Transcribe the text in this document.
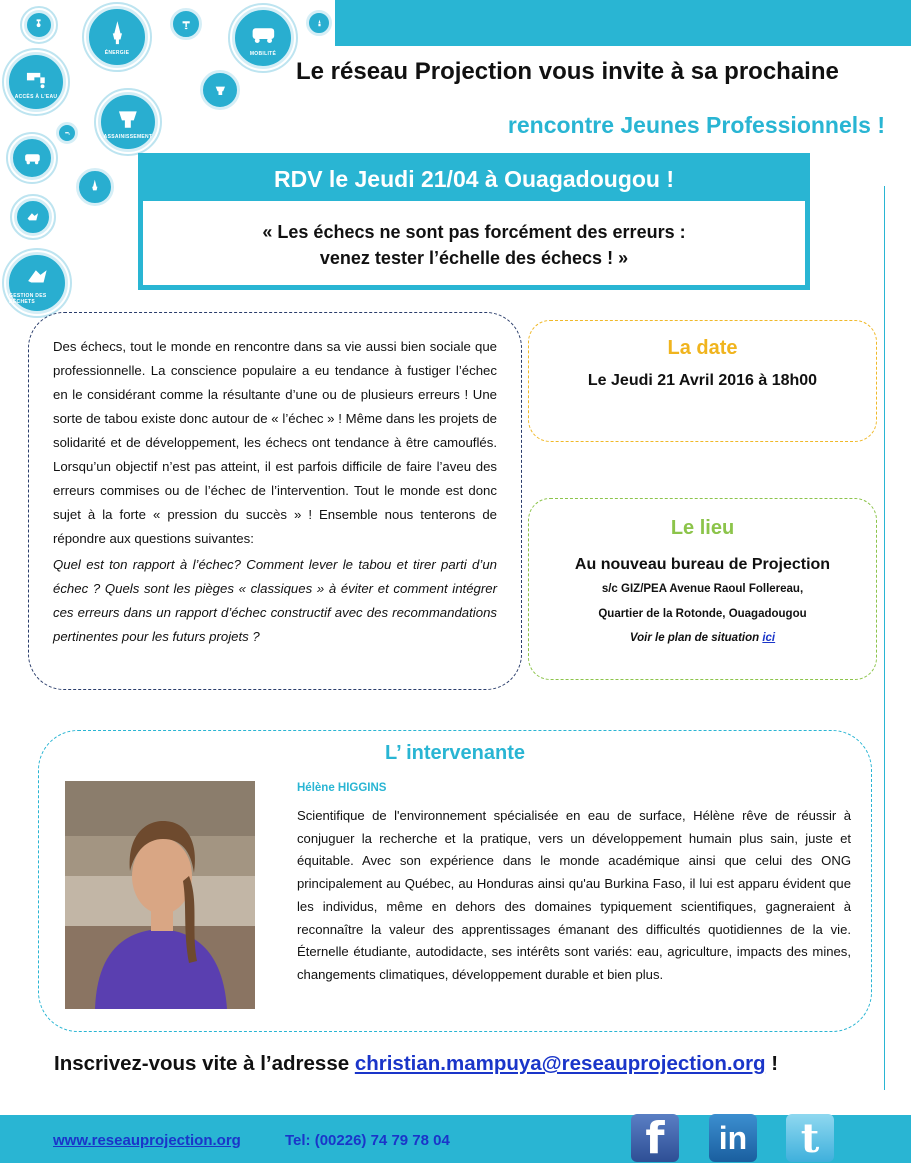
ÉNERGIE	MOBILITÉ
ACCÈS À L'EAU
ASSAINISSEMENT
GESTION DES DÉCHETS
Le réseau Projection vous invite à sa prochaine
rencontre Jeunes Professionnels !
RDV le Jeudi 21/04 à Ouagadougou !
« Les échecs ne sont pas forcément des erreurs :
venez tester l’échelle des échecs ! »

Des échecs, tout le monde en rencontre dans sa vie aussi bien sociale que professionnelle. La conscience populaire a eu tendance à fustiger l’échec en le considérant comme la résultante d’une ou de plusieurs erreurs ! Une sorte de tabou existe donc autour de « l’échec » ! Même dans les projets de solidarité et de développement, les échecs ont tendance à être camouflés. Lorsqu’un objectif n’est pas atteint, il est parfois difficile de faire l’aveu des erreurs commises ou de l’échec de l’intervention. Tout le monde est donc sujet à la forte « pression du succès » ! Ensemble nous tenterons de répondre aux questions suivantes:

Quel est ton rapport à l’échec? Comment lever le tabou et tirer parti d’un échec ? Quels sont les pièges « classiques » à éviter et comment intégrer ces erreurs dans un rapport d’échec constructif avec des recommandations pertinentes pour les futurs projets ?

La date
Le Jeudi 21 Avril 2016 à 18h00
Le lieu
Au nouveau bureau de Projection
s/c GIZ/PEA Avenue Raoul Follereau,
Quartier de la Rotonde, Ouagadougou
Voir le plan de situation ici
L’ intervenante
Hélène HIGGINS
Scientifique de l'environnement spécialisée en eau de surface, Hélène rêve de réussir à conjuguer la recherche et la pratique, vers un développement humain plus sain, juste et équitable. Avec son expérience dans le monde académique ainsi que celui des ONG principalement au Québec, au Honduras ainsi qu'au Burkina Faso, il lui est apparu évident que les individus, même en dehors des domaines typiquement scientifiques, gagneraient à reconnaître la valeur des apprentissages émanant des difficultés quotidiennes de la vie. Éternelle étudiante, autodidacte, ses intérêts sont variés: eau, agriculture, impacts des mines, changements climatiques, développement durable et bien plus.
Inscrivez-vous vite à l’adresse christian.mampuya@reseauprojection.org !
www.reseauprojection.org	Tel: (00226) 74 79 78 04	f	in	t
